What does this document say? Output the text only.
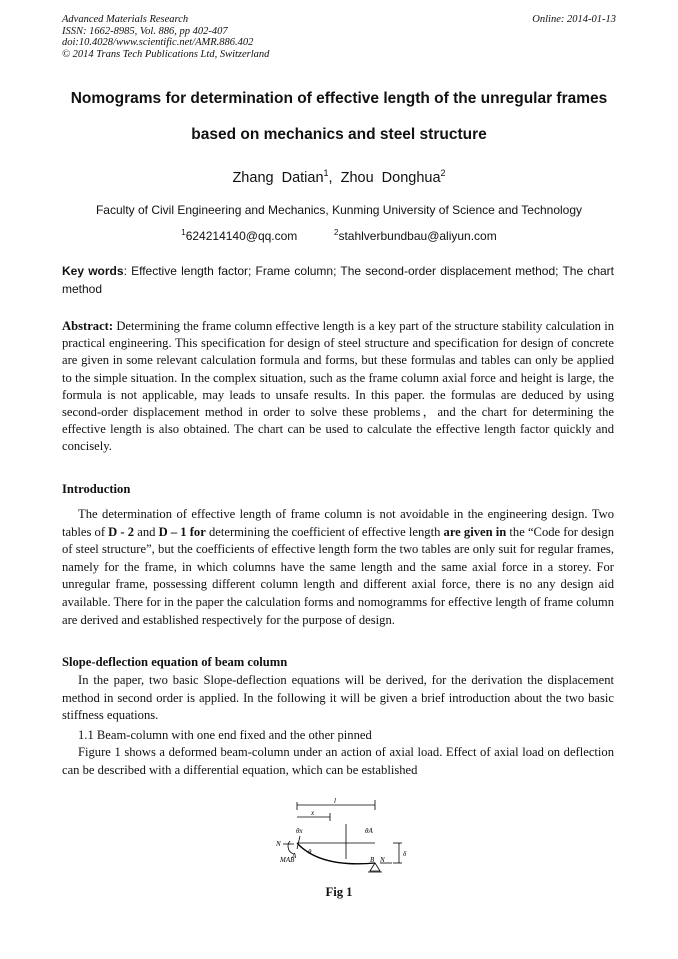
Advanced Materials Research
ISSN: 1662-8985, Vol. 886, pp 402-407
doi:10.4028/www.scientific.net/AMR.886.402
© 2014 Trans Tech Publications Ltd, Switzerland
Online: 2014-01-13
Nomograms for determination of effective length of the unregular frames
based on mechanics and steel structure
Zhang Datian$^1$, Zhou Donghua$^2$
Faculty of Civil Engineering and Mechanics, Kunming University of Science and Technology
$^1$624214140@qq.com	$^2$stahlverbundbau@aliyun.com
Key words: Effective length factor; Frame column; The second-order displacement method; The chart method
Abstract: Determining the frame column effective length is a key part of the structure stability calculation in practical engineering. This specification for design of steel structure and specification for design of concrete are given in some relevant calculation formula and forms, but these formulas and tables can only be applied to the simple situation. In the complex situation, such as the frame column axial force and height is large, the formula is not applicable, may leads to unsafe results. In this paper. the formulas are deduced by using second-order displacement method in order to solve these problems，and the chart for determining the effective length is also obtained. The chart can be used to calculate the effective length factor quickly and concisely.
Introduction

The determination of effective length of frame column is not avoidable in the engineering design. Two tables of D - 2 and D – 1 for determining the coefficient of effective length are given in the “Code for design of steel structure”, but the coefficients of effective length form the two tables are only suit for regular frames, namely for the frame, in which columns have the same length and the same axial force in a storey. For unregular frame, possessing different column length and different axial force, there is no any design aid available. There for in the paper the calculation forms and nomogramms for effective length of frame column are derived and established respectively for the purpose of design.

Slope-deflection equation of beam column

In the paper, two basic Slope-deflection equations will be derived, for the derivation the displacement method in second order is applied. In the following it will be given a brief introduction about the two basic stiffness equations.

1.1 Beam-column with one end fixed and the other pinned

Figure 1 shows a deformed beam-column under an action of axial load. Effect of axial load on deflection can be described with a differential equation, which can be established

l
x
θx	θA
N
MAB
A θ
B N
δ
Fig 1
